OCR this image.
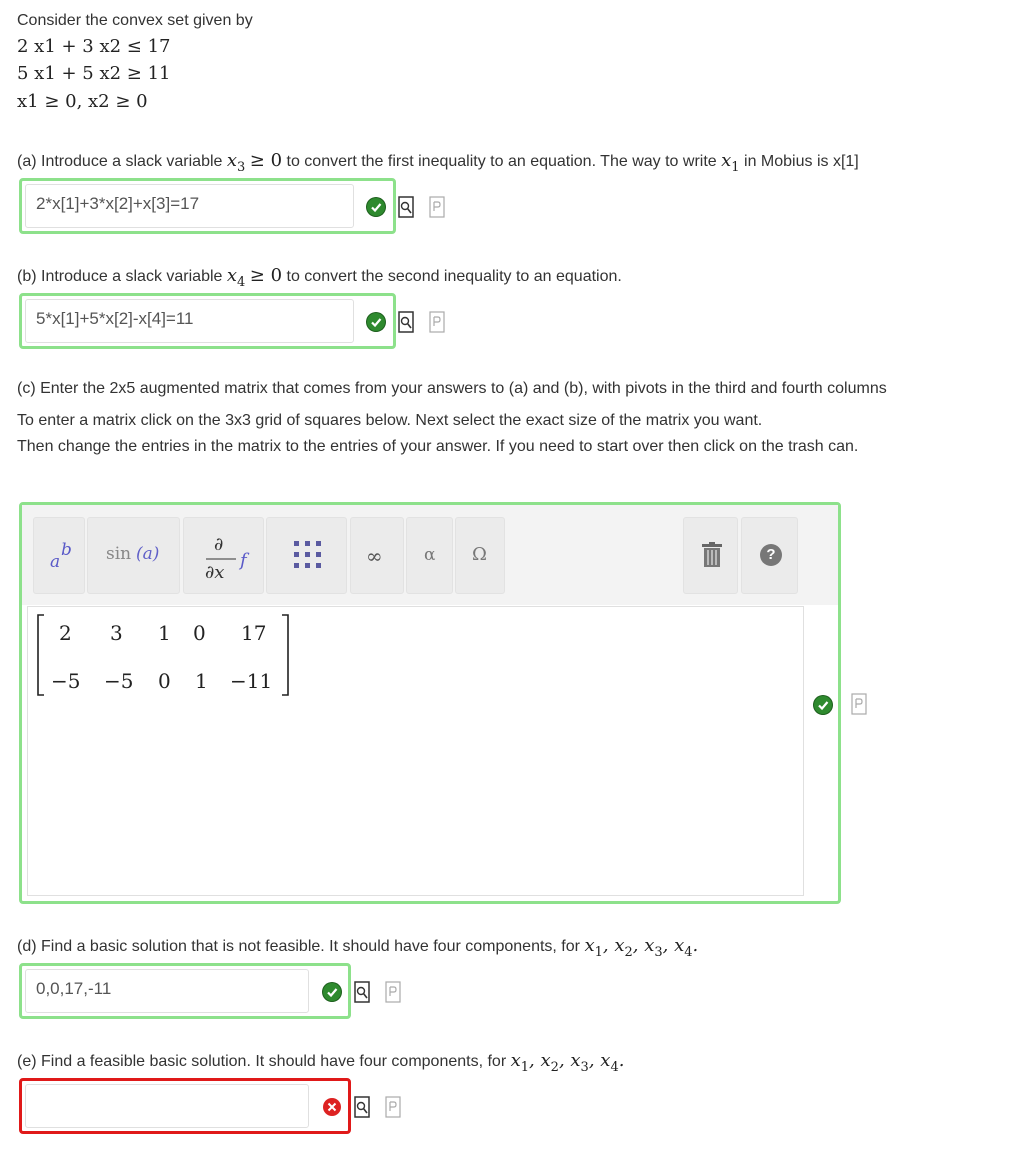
Consider the convex set given by
2 x1 + 3 x2 ≤ 17
5 x1 + 5 x2 ≥ 11
x1 ≥ 0, x2 ≥ 0
(a) Introduce a slack variable $x_3 \ge 0$ to convert the first inequality to an equation. The way to write $x_1$ in Mobius is x[1]
2*x[1]+3*x[2]+x[3]=17
(b) Introduce a slack variable $x_4 \ge 0$ to convert the second inequality to an equation.
5*x[1]+5*x[2]-x[4]=11
(c) Enter the 2x5 augmented matrix that comes from your answers to (a) and (b), with pivots in the third and fourth columns
To enter a matrix click on the 3x3 grid of squares below. Next select the exact size of the matrix you want.
Then change the entries in the matrix to the entries of your answer. If you need to start over then click on the trash can.
a
b sin (a)	∂
∂x
f	∞ α Ω	?
2 3 1 0 17
−5 −5 0 1 −11
(d) Find a basic solution that is not feasible. It should have four components, for $x_1$, $x_2$, $x_3$, $x_4$.
0,0,17,-11
(e) Find a feasible basic solution. It should have four components, for $x_1$, $x_2$, $x_3$, $x_4$.
